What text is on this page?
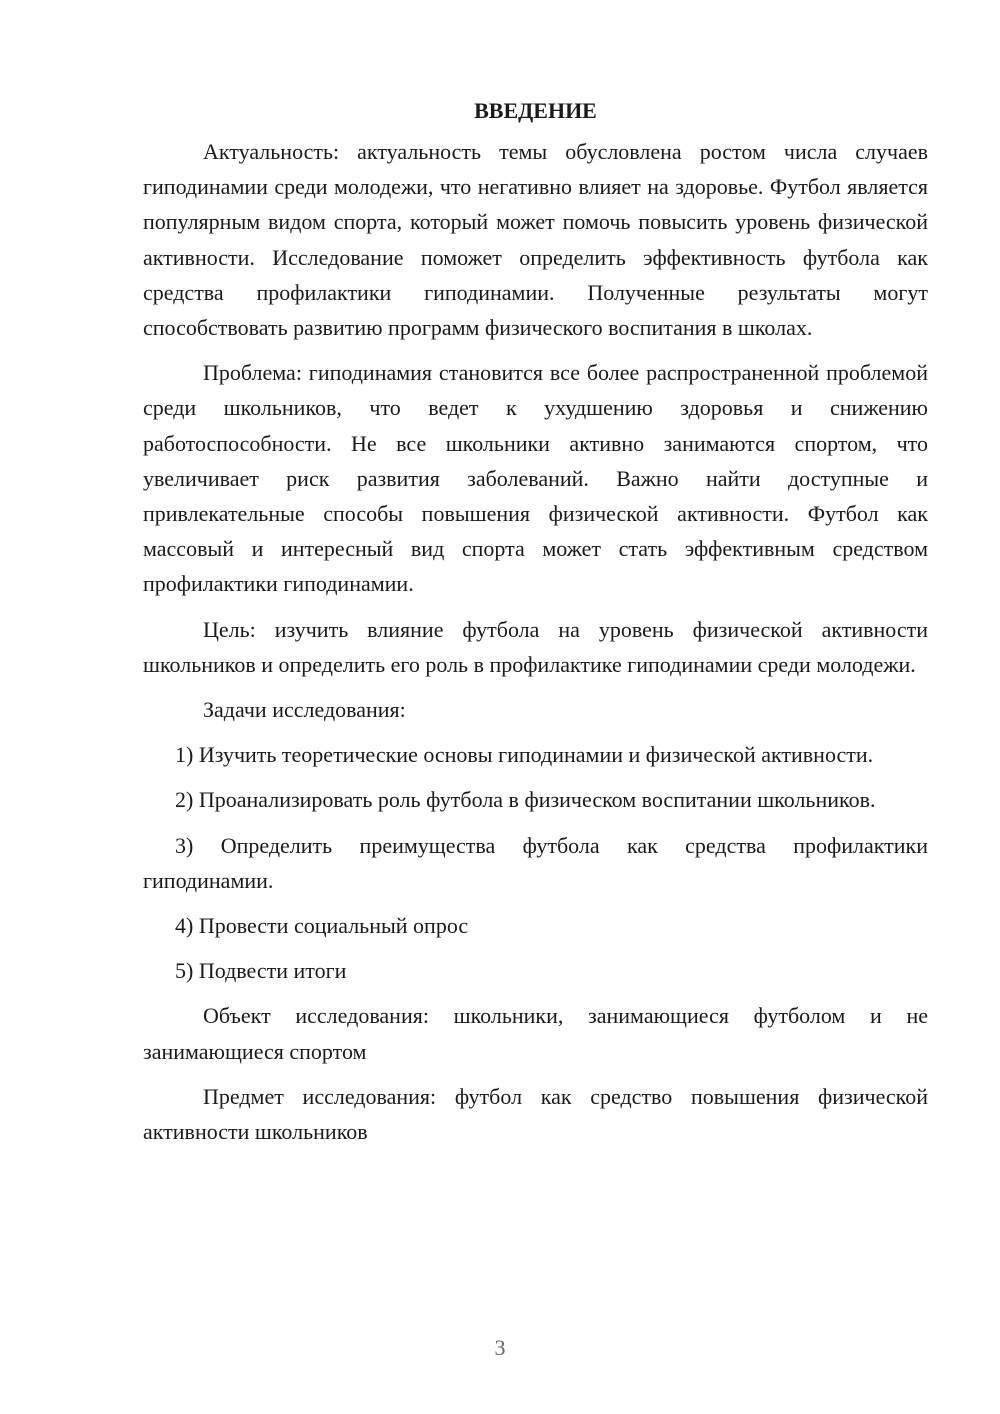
ВВЕДЕНИЕ

Актуальность: актуальность темы обусловлена ростом числа случаев гиподинамии среди молодежи, что негативно влияет на здоровье. Футбол является популярным видом спорта, который может помочь повысить уровень физической активности. Исследование поможет определить эффективность футбола как средства профилактики гиподинамии. Полученные результаты могут способствовать развитию программ физического воспитания в школах.

Проблема: гиподинамия становится все более распространенной проблемой среди школьников, что ведет к ухудшению здоровья и снижению работоспособности. Не все школьники активно занимаются спортом, что увеличивает риск развития заболеваний. Важно найти доступные и привлекательные способы повышения физической активности. Футбол как массовый и интересный вид спорта может стать эффективным средством профилактики гиподинамии.

Цель: изучить влияние футбола на уровень физической активности школьников и определить его роль в профилактике гиподинамии среди молодежи.

Задачи исследования:

1) Изучить теоретические основы гиподинамии и физической активности.

2) Проанализировать роль футбола в физическом воспитании школьников.

3) Определить преимущества футбола как средства профилактики гиподинамии.

4) Провести социальный опрос

5) Подвести итоги

Объект исследования: школьники, занимающиеся футболом и не занимающиеся спортом

Предмет исследования: футбол как средство повышения физической активности школьников

3
